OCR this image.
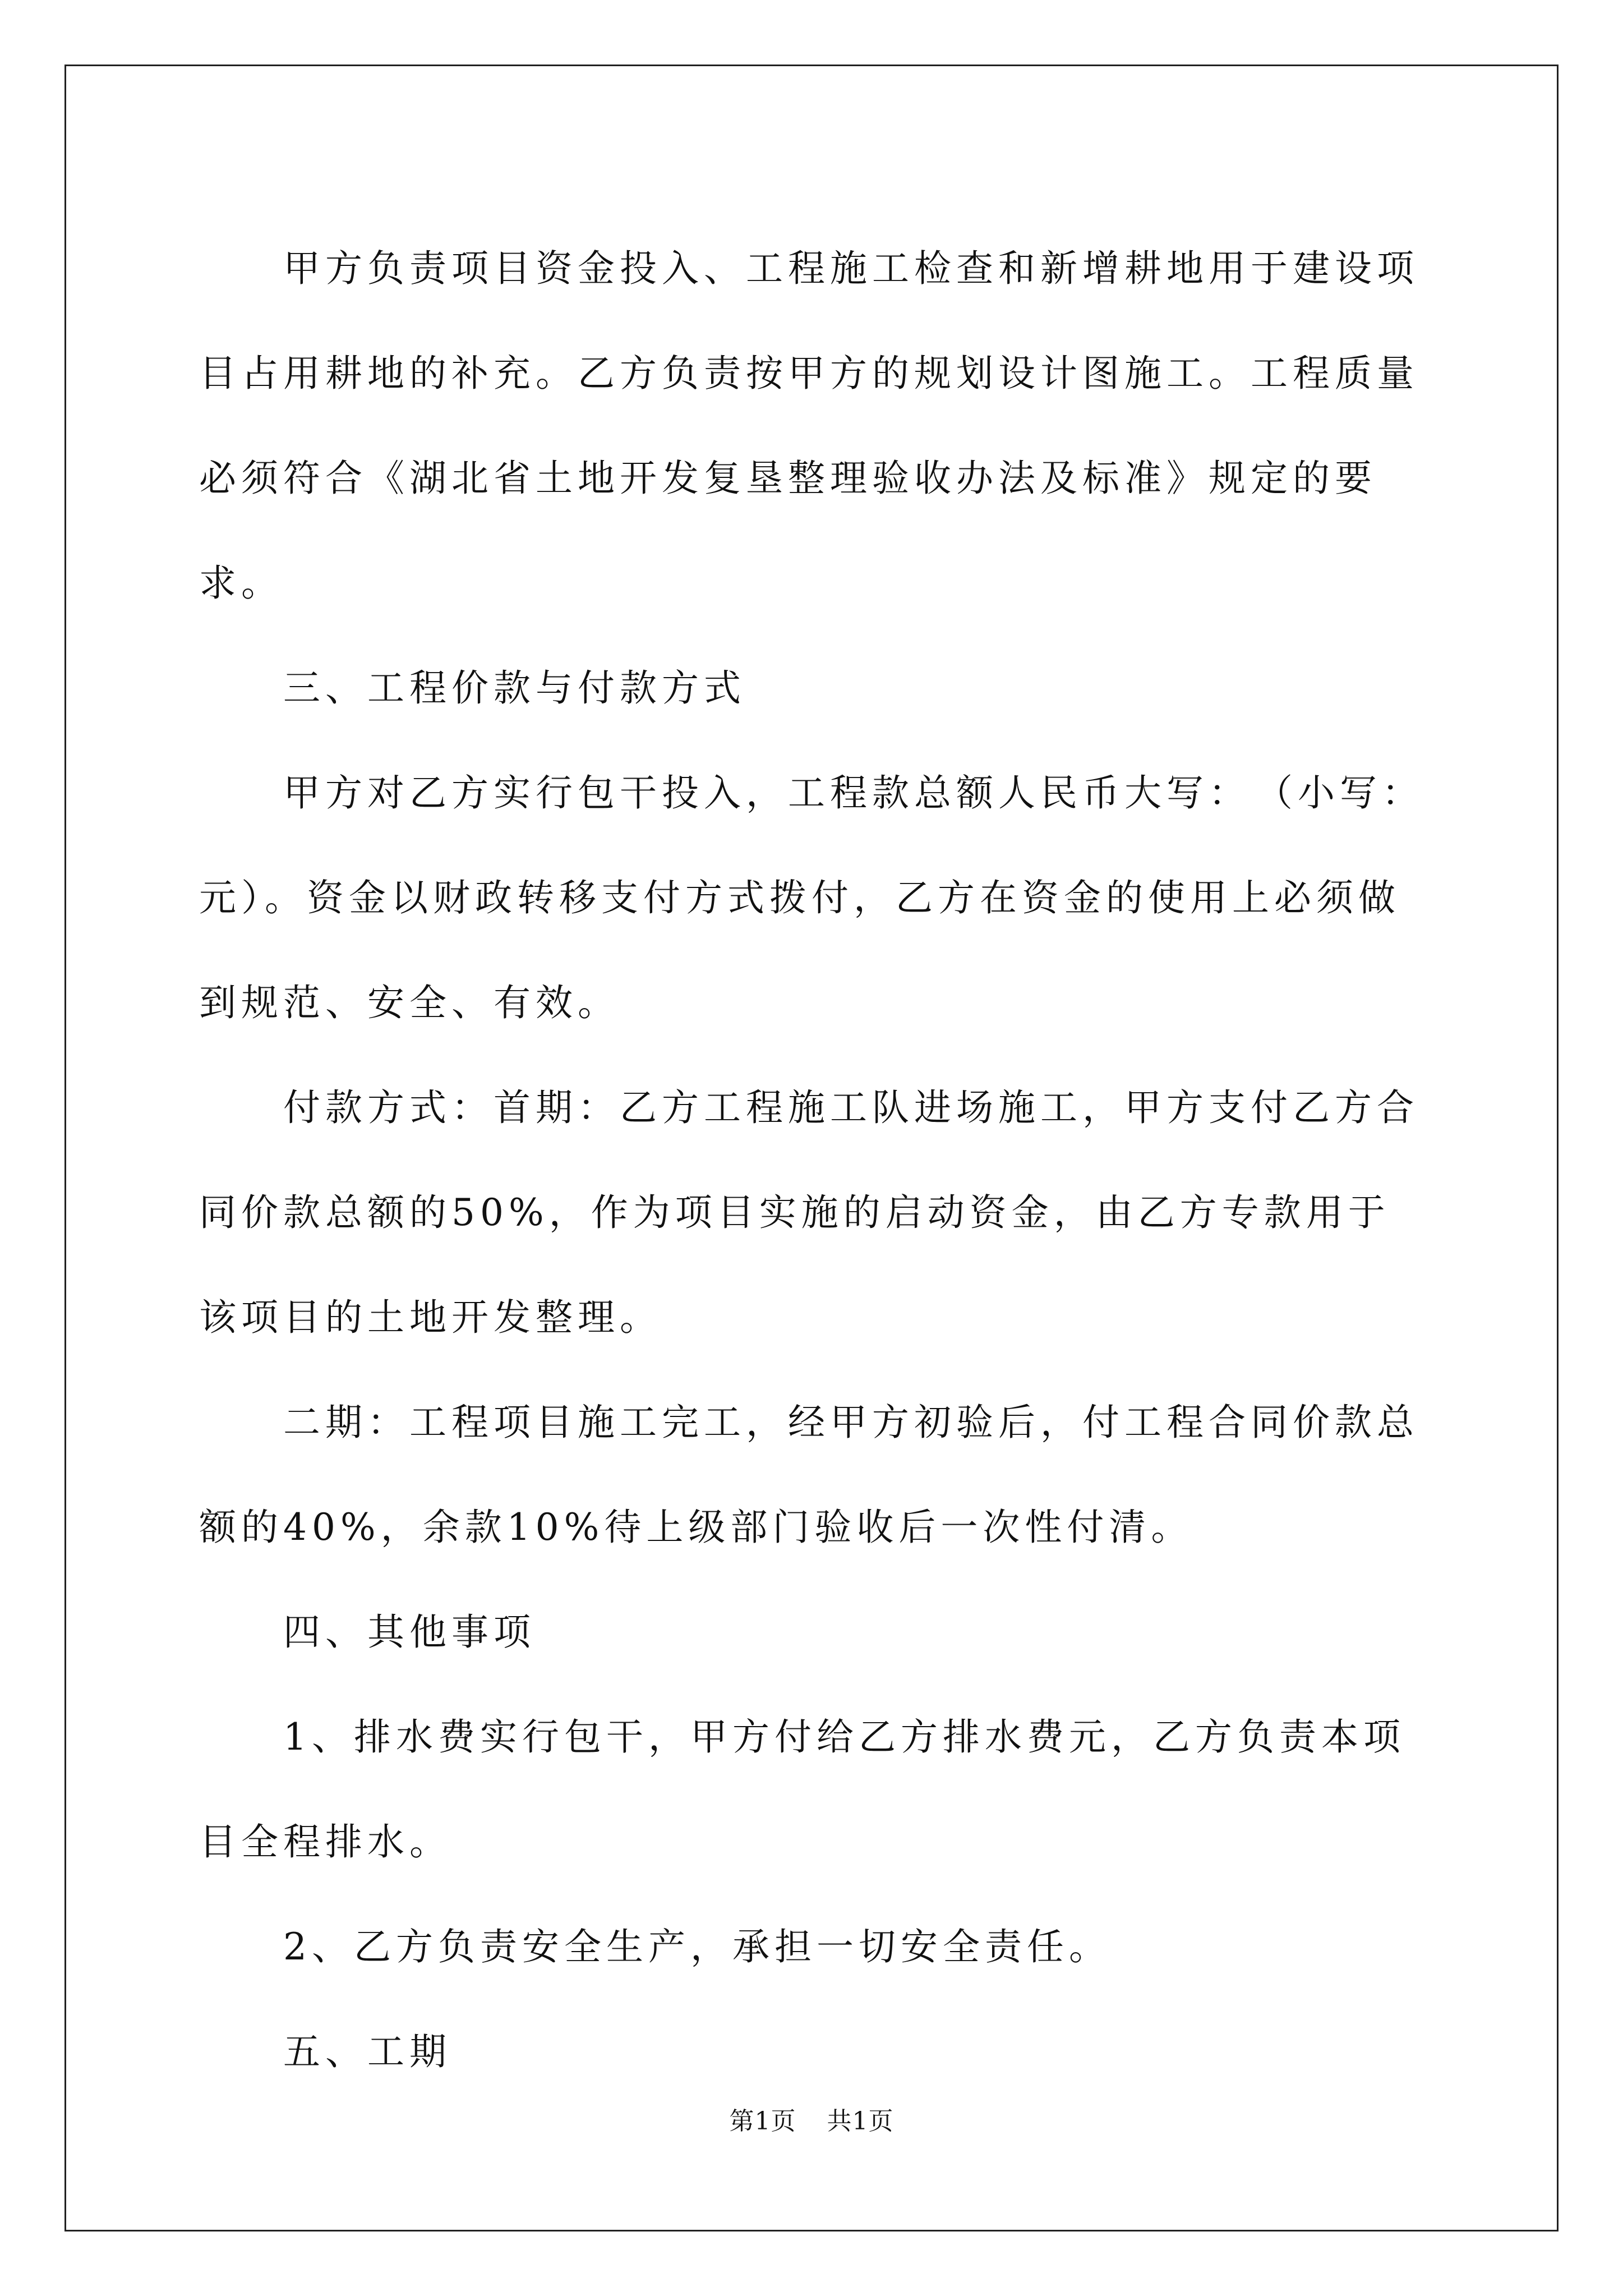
甲方负责项目资金投入、工程施工检查和新增耕地用于建设项目占用耕地的补充。乙方负责按甲方的规划设计图施工。工程质量必须符合《湖北省土地开发复垦整理验收办法及标准》规定的要求。

三、工程价款与付款方式

甲方对乙方实行包干投入，工程款总额人民币大写：　（小写：元）。资金以财政转移支付方式拨付，乙方在资金的使用上必须做到规范、安全、有效。

付款方式：首期：乙方工程施工队进场施工，甲方支付乙方合同价款总额的50%，作为项目实施的启动资金，由乙方专款用于该项目的土地开发整理。

二期：工程项目施工完工，经甲方初验后，付工程合同价款总额的40%，余款10%待上级部门验收后一次性付清。

四、其他事项

1、排水费实行包干，甲方付给乙方排水费元，乙方负责本项目全程排水。

2、乙方负责安全生产，承担一切安全责任。

五、工期

第1页 共1页
